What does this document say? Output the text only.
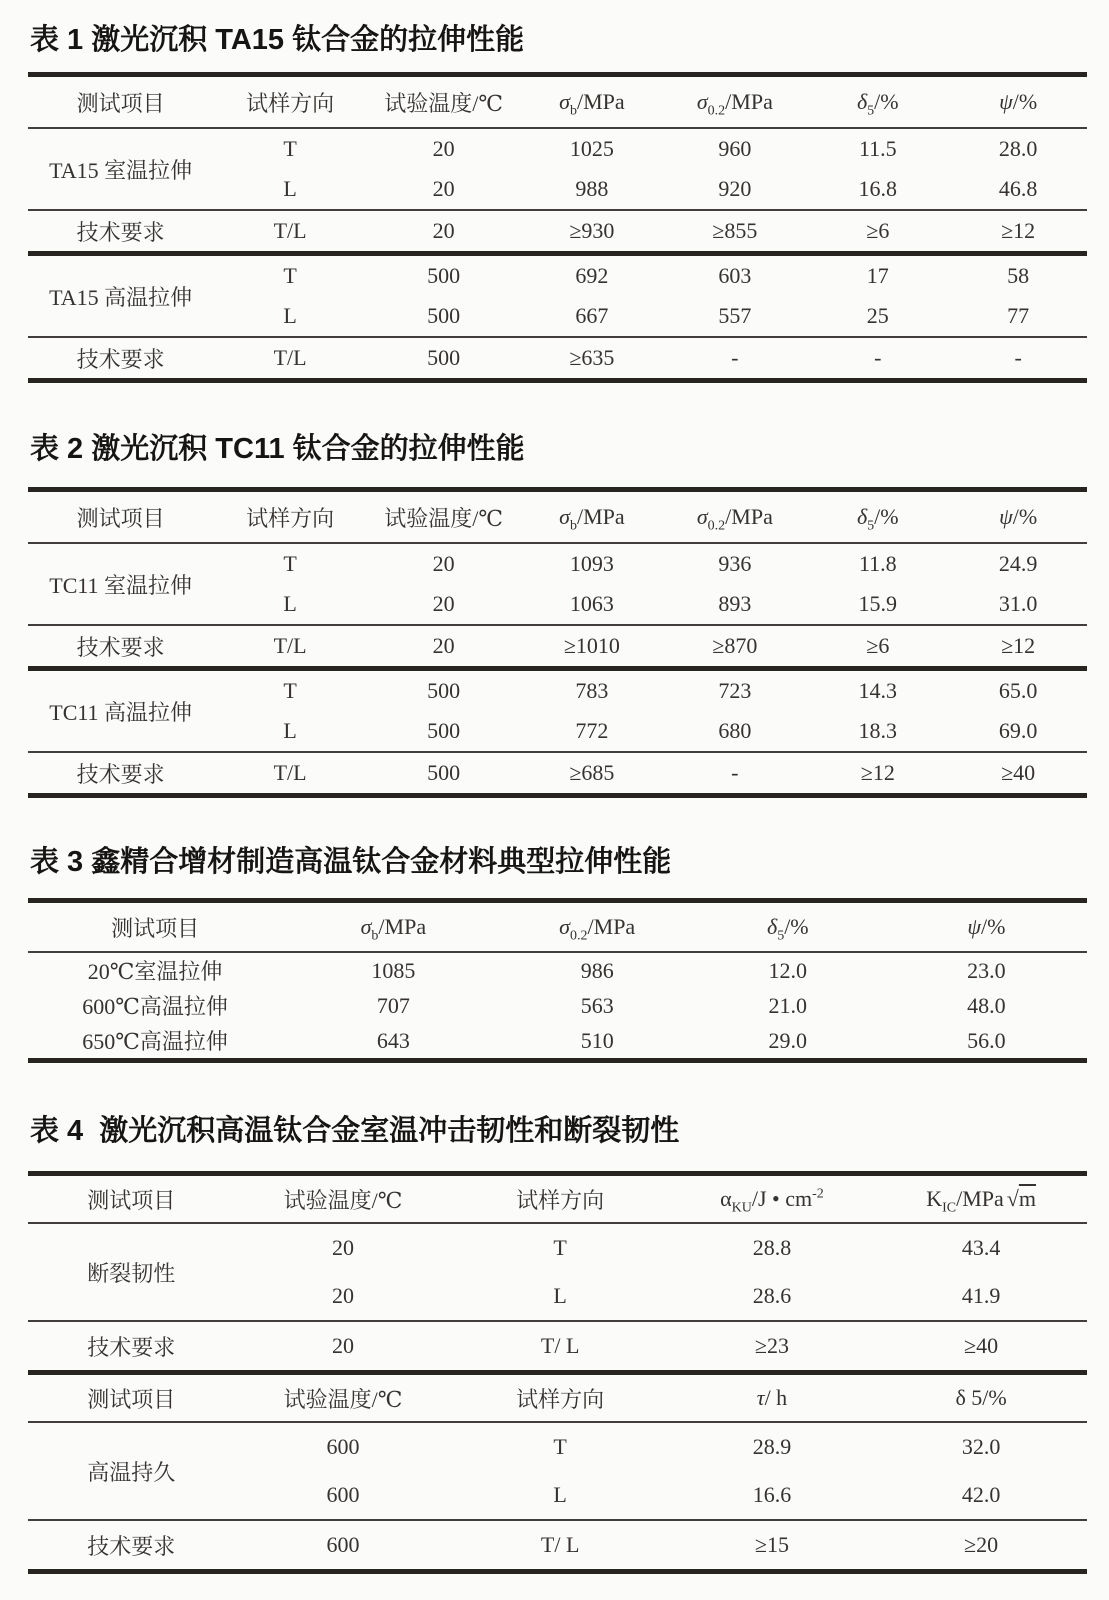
表 1 激光沉积 TA15 钛合金的拉伸性能
测试项目	试样方向	试验温度/℃	$\sigma_b$/MPa	$\sigma_{0.2}$/MPa	$\delta_5/\%$	ψ/%
TA15 室温拉伸	T	20	1025	960	11.5	28.0
	L	20	988	920	16.8	46.8
技术要求	T/L	20	≥930	≥855	≥6	≥12
TA15 高温拉伸	T	500	692	603	17	58
	L	500	667	557	25	77
技术要求	T/L	500	≥635	-	-	-
表 2 激光沉积 TC11 钛合金的拉伸性能
测试项目	试样方向	试验温度/℃	$\sigma_b$/MPa	$\sigma_{0.2}$/MPa	$\delta_5/\%$	ψ/%
TC11 室温拉伸	T	20	1093	936	11.8	24.9
	L	20	1063	893	15.9	31.0
技术要求	T/L	20	≥1010	≥870	≥6	≥12
TC11 高温拉伸	T	500	783	723	14.3	65.0
	L	500	772	680	18.3	69.0
技术要求	T/L	500	≥685	-	≥12	≥40
表 3 鑫精合增材制造高温钛合金材料典型拉伸性能
测试项目	$\sigma_b$/MPa	$\sigma_{0.2}$/MPa	$\delta_5/\%$	ψ/%
20℃室温拉伸	1085	986	12.0	23.0
600℃高温拉伸	707	563	21.0	48.0
650℃高温拉伸	643	510	29.0	56.0
表 4  激光沉积高温钛合金室温冲击韧性和断裂韧性
测试项目	试验温度/℃	试样方向	$\alpha_{KU}/J$ • $cm^{-2}$	$K_{IC}$/MPa √m
断裂韧性	20	T	28.8	43.4
	20	L	28.6	41.9
技术要求	20	T/ L	≥23	≥40
测试项目	试验温度/℃	试样方向	τ/ h	δ 5/%
高温持久	600	T	28.9	32.0
	600	L	16.6	42.0
技术要求	600	T/ L	≥15	≥20
